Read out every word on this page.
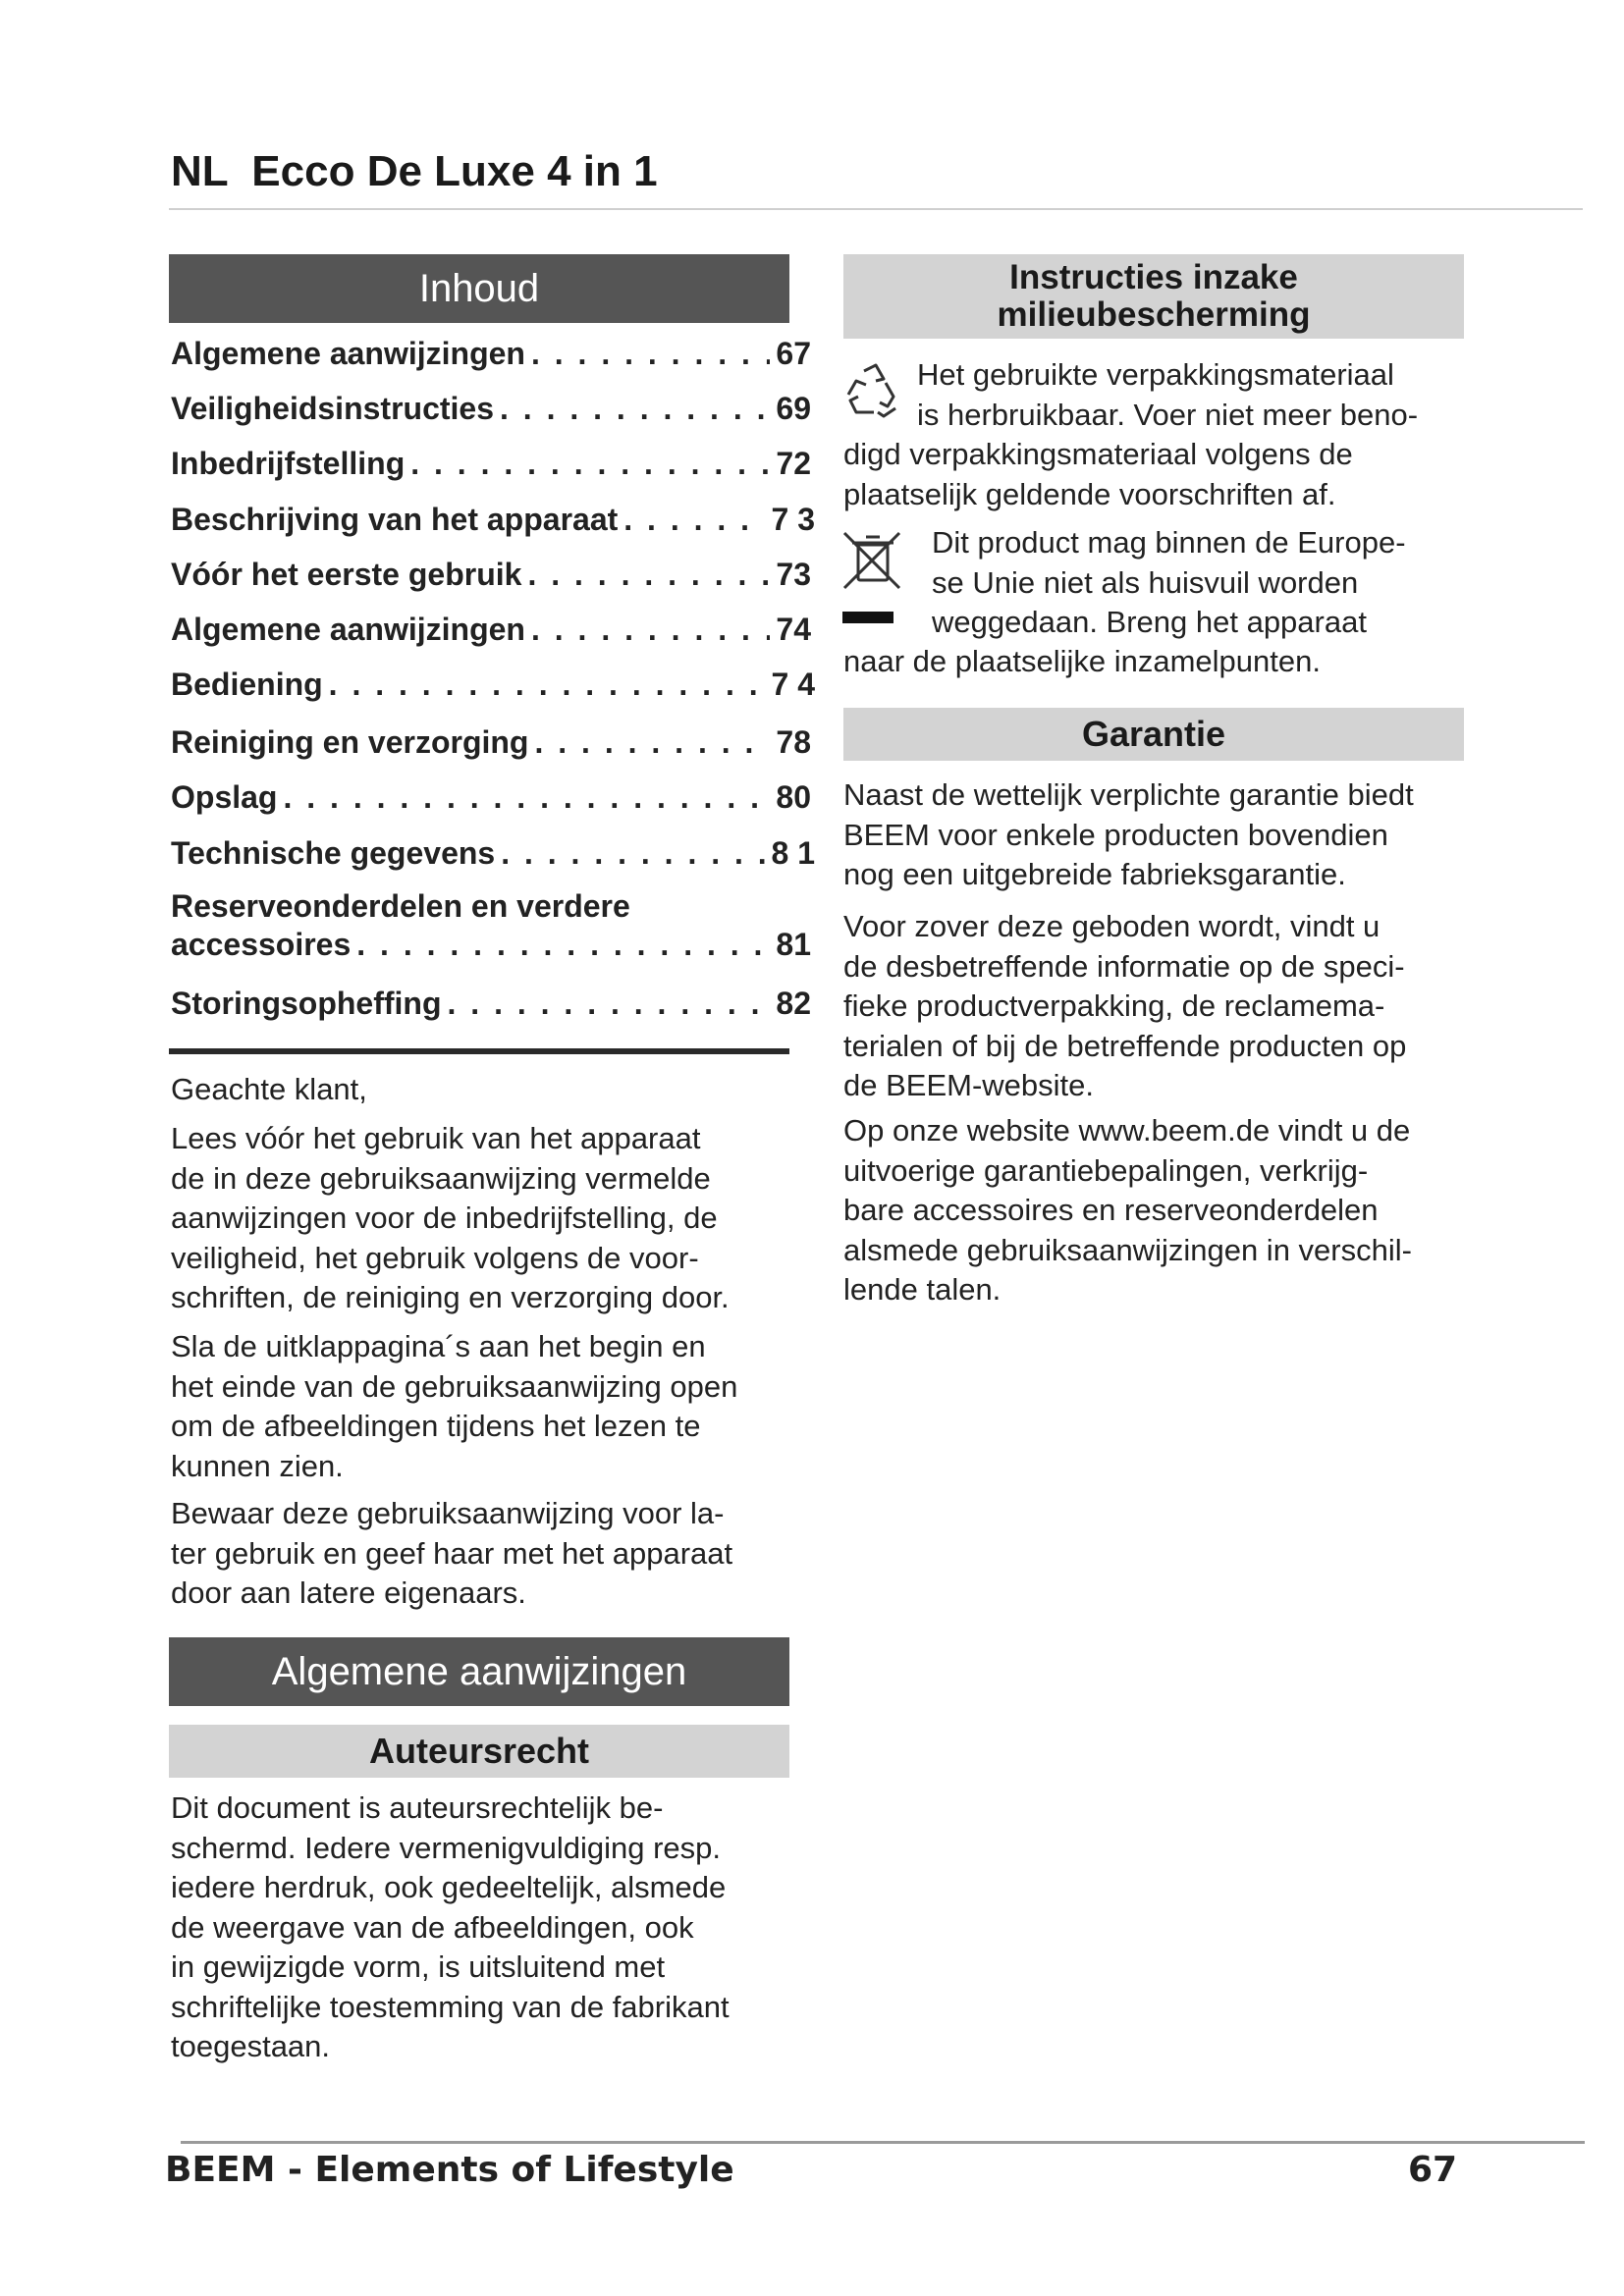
NL  Ecco De Luxe 4 in 1
Inhoud
Algemene aanwijzingen . . .	67
Veiligheidsinstructies . . .	69
Inbedrijfstelling . . .	72
Beschrijving van het apparaat . . .	7 3
Vóór het eerste gebruik . . .	73
Algemene aanwijzingen . . .	74
Bediening . . .	7 4
Reiniging en verzorging . . .	78
Opslag . . .	80
Technische gegevens . . .	8 1
Reserveonderdelen en verdere
accessoires . . .	81
Storingsopheffing . . .	82
Geachte klant,
Lees vóór het gebruik van het apparaat
de in deze gebruiksaanwijzing vermelde
aanwijzingen voor de inbedrijfstelling, de
veiligheid, het gebruik volgens de voor-
schriften, de reiniging en verzorging door.
Sla de uitklappagina´s aan het begin en
het einde van de gebruiksaanwijzing open
om de afbeeldingen tijdens het lezen te
kunnen zien.
Bewaar deze gebruiksaanwijzing voor la-
ter gebruik en geef haar met het apparaat
door aan latere eigenaars.
Algemene aanwijzingen
Auteursrecht
Dit document is auteursrechtelijk be-
schermd. Iedere vermenigvuldiging resp.
iedere herdruk, ook gedeeltelijk, alsmede
de weergave van de afbeeldingen, ook
in gewijzigde vorm, is uitsluitend met
schriftelijke toestemming van de fabrikant
toegestaan.
Instructies inzake
milieubescherming
Het gebruikte verpakkingsmateriaal
is herbruikbaar. Voer niet meer beno-
digd verpakkingsmateriaal volgens de
plaatselijk geldende voorschriften af.
Dit product mag binnen de Europe-
se Unie niet als huisvuil worden
weggedaan. Breng het apparaat
naar de plaatselijke inzamelpunten.
Garantie
Naast de wettelijk verplichte garantie biedt
BEEM voor enkele producten bovendien
nog een uitgebreide fabrieksgarantie.
Voor zover deze geboden wordt, vindt u
de desbetreffende informatie op de speci-
fieke productverpakking, de reclamema-
terialen of bij de betreffende producten op
de BEEM-website.
Op onze website www.beem.de vindt u de
uitvoerige garantiebepalingen, verkrijg-
bare accessoires en reserveonderdelen
alsmede gebruiksaanwijzingen in verschil-
lende talen.
BEEM - Elements of Lifestyle	67
